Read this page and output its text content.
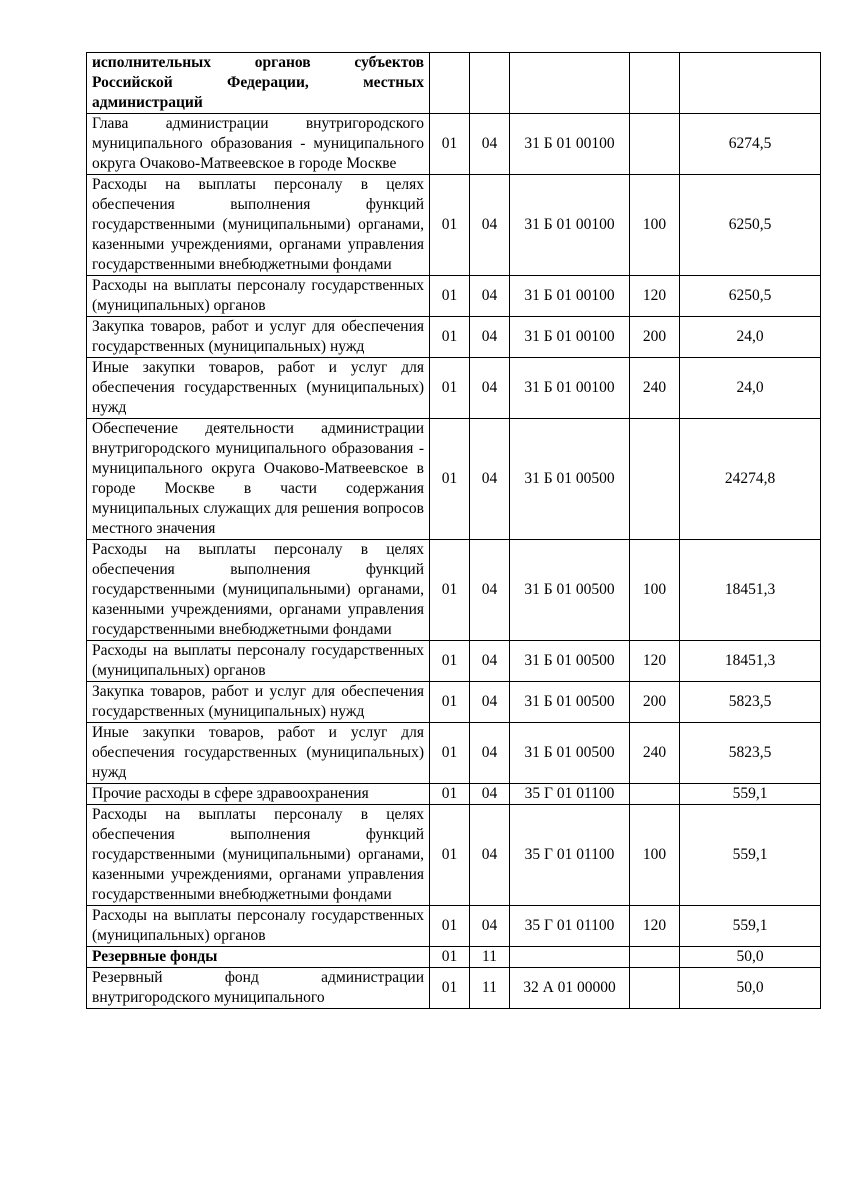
исполнительных органов субъектов Российской Федерации, местных администраций					
Глава администрации внутригородского муниципального образования - муниципального округа Очаково-Матвеевское в городе Москве	01	04	31 Б 01 00100		6274,5
Расходы на выплаты персоналу в целях обеспечения выполнения функций государственными (муниципальными) органами, казенными учреждениями, органами управления государственными внебюджетными фондами	01	04	31 Б 01 00100	100	6250,5
Расходы на выплаты персоналу государственных (муниципальных) органов	01	04	31 Б 01 00100	120	6250,5
Закупка товаров, работ и услуг для обеспечения государственных (муниципальных) нужд	01	04	31 Б 01 00100	200	24,0
Иные закупки товаров, работ и услуг для обеспечения государственных (муниципальных) нужд	01	04	31 Б 01 00100	240	24,0
Обеспечение деятельности администрации внутригородского муниципального образования - муниципального округа Очаково-Матвеевское в городе Москве в части содержания муниципальных служащих для решения вопросов местного значения	01	04	31 Б 01 00500		24274,8
Расходы на выплаты персоналу в целях обеспечения выполнения функций государственными (муниципальными) органами, казенными учреждениями, органами управления государственными внебюджетными фондами	01	04	31 Б 01 00500	100	18451,3
Расходы на выплаты персоналу государственных (муниципальных) органов	01	04	31 Б 01 00500	120	18451,3
Закупка товаров, работ и услуг для обеспечения государственных (муниципальных) нужд	01	04	31 Б 01 00500	200	5823,5
Иные закупки товаров, работ и услуг для обеспечения государственных (муниципальных) нужд	01	04	31 Б 01 00500	240	5823,5
Прочие расходы в сфере здравоохранения	01	04	35 Г 01 01100		559,1
Расходы на выплаты персоналу в целях обеспечения выполнения функций государственными (муниципальными) органами, казенными учреждениями, органами управления государственными внебюджетными фондами	01	04	35 Г 01 01100	100	559,1
Расходы на выплаты персоналу государственных (муниципальных) органов	01	04	35 Г 01 01100	120	559,1
Резервные фонды	01	11			50,0
Резервный фонд администрации внутригородского муниципального	01	11	32 А 01 00000		50,0
